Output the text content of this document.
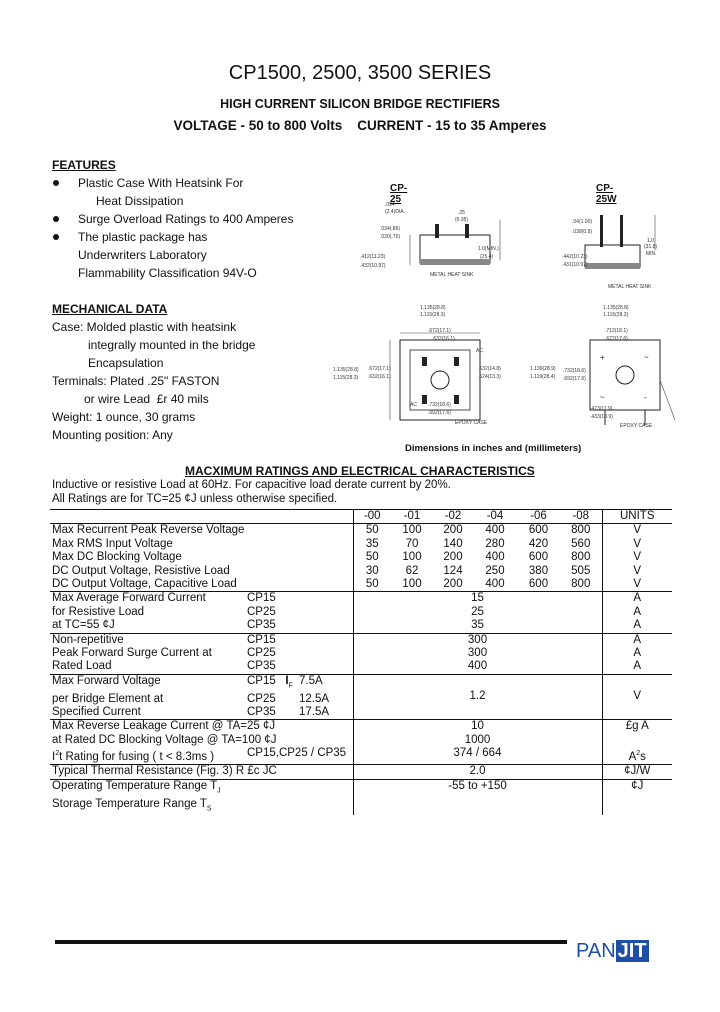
CP1500, 2500, 3500 SERIES
HIGH CURRENT SILICON BRIDGE RECTIFIERS
VOLTAGE - 50 to 800 Volts    CURRENT - 15 to 35 Amperes
FEATURES
Plastic Case With Heatsink For
Heat Dissipation
Surge Overload Ratings to 400 Amperes
The plastic package has
Underwriters Laboratory
Flammability Classification 94V-O
MECHANICAL DATA
Case: Molded plastic with heatsink
integrally mounted in the bridge
Encapsulation
Terminals: Plated .25" FASTON
or wire Lead  £r 40 mils
Weight: 1 ounce, 30 grams
Mounting position: Any
CP-25
CP-25W
.094
(2.4)DIA.
.034(.86)
.030(.76)
.25
(6.35)
1.0(MIN.)
(25.4)
.412(11.23)
.432(10.97)
METAL HEAT SINK
.04(1.00)
.038(0.9)
1.0
(31.8)
MIN.
.442(10.23)
.431(10.97)
METAL HEAT SINK
1.135(28.8)
1.115(28.3)
.672(17.1)
.632(16.1)
AC
1.135(28.8)
1.115(28.3)
.672(17.1)
.632(16.1)
.632(14.8)
.524(13.3)
.732(18.6)
.692(17.6)
AC
EPOXY CASE
+	~
~	-
1.135(28.8)
1.115(28.3)
.712(18.1)
.672(17.6)
1.139(28.9)
1.119(28.4)
.732(18.6)
.692(17.6)
.473(11.9)
.433(10.9)
EPOXY CASE
Dimensions in inches and (millimeters)
MACXIMUM RATINGS AND ELECTRICAL CHARACTERISTICS
Inductive or resistive Load at 60Hz. For capacitive load derate current by 20%.
All Ratings are for TC=25 ¢J unless otherwise specified.
			-00	-01	-02	-04	-06	-08	UNITS
Max Recurrent Peak Reverse Voltage			50	100	200	400	600	800	V
Max RMS Input Voltage			35	70	140	280	420	560	V
Max DC Blocking Voltage			50	100	200	400	600	800	V
DC Output Voltage, Resistive Load			30	62	124	250	380	505	V
DC Output Voltage, Capacitive Load			50	100	200	400	600	800	V
Max Average Forward Current	CP15		15						A
for Resistive Load	CP25		25						A
at TC=55 ¢J	CP35		35						A
Non-repetitive	CP15		300						A
Peak Forward Surge Current at	CP25		300						A
Rated Load	CP35		400						A
Max Forward Voltage	CP15 $I_F$	7.5A	1.2						V
per Bridge Element at	CP25	12.5A							
Specified Current	CP35	17.5A							
Max Reverse Leakage Current @ TA=25 ¢J			10						£g A
at Rated DC Blocking Voltage @ TA=100 ¢J			1000						
$I^2t$ Rating for fusing ( t < 8.3ms )	CP15,CP25 / CP35		374 / 664						$A^2s$
Typical Thermal Resistance (Fig. 3) R £c JC			2.0						¢J/W
Operating Temperature Range $T_J$			-55 to +150						¢J
Storage Temperature Range $T_S$		
PAN JIT
